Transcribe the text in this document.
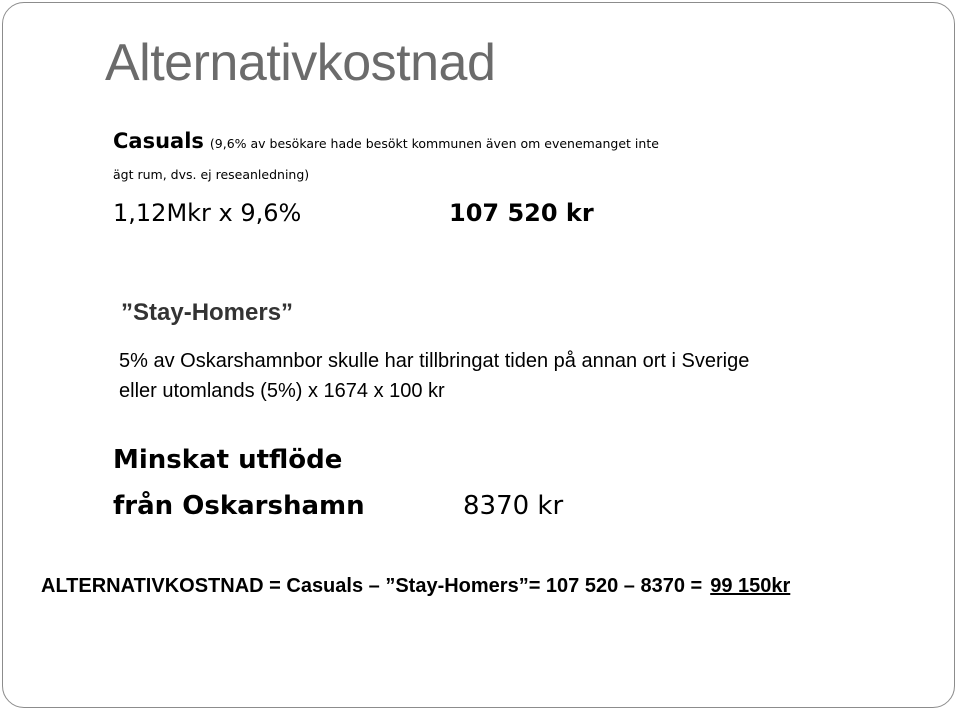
Alternativkostnad
Casuals (9,6% av besökare hade besökt kommunen även om evenemanget inte
ägt rum, dvs. ej reseanledning)
1,12Mkr x 9,6%	107 520 kr
”Stay-Homers”
5% av Oskarshamnbor skulle har tillbringat tiden på annan ort i Sverige
eller utomlands (5%) x 1674 x 100 kr
Minskat utflöde
från Oskarshamn	8370 kr
ALTERNATIVKOSTNAD = Casuals – ”Stay-Homers”= 107 520 – 8370 = 99 150kr
